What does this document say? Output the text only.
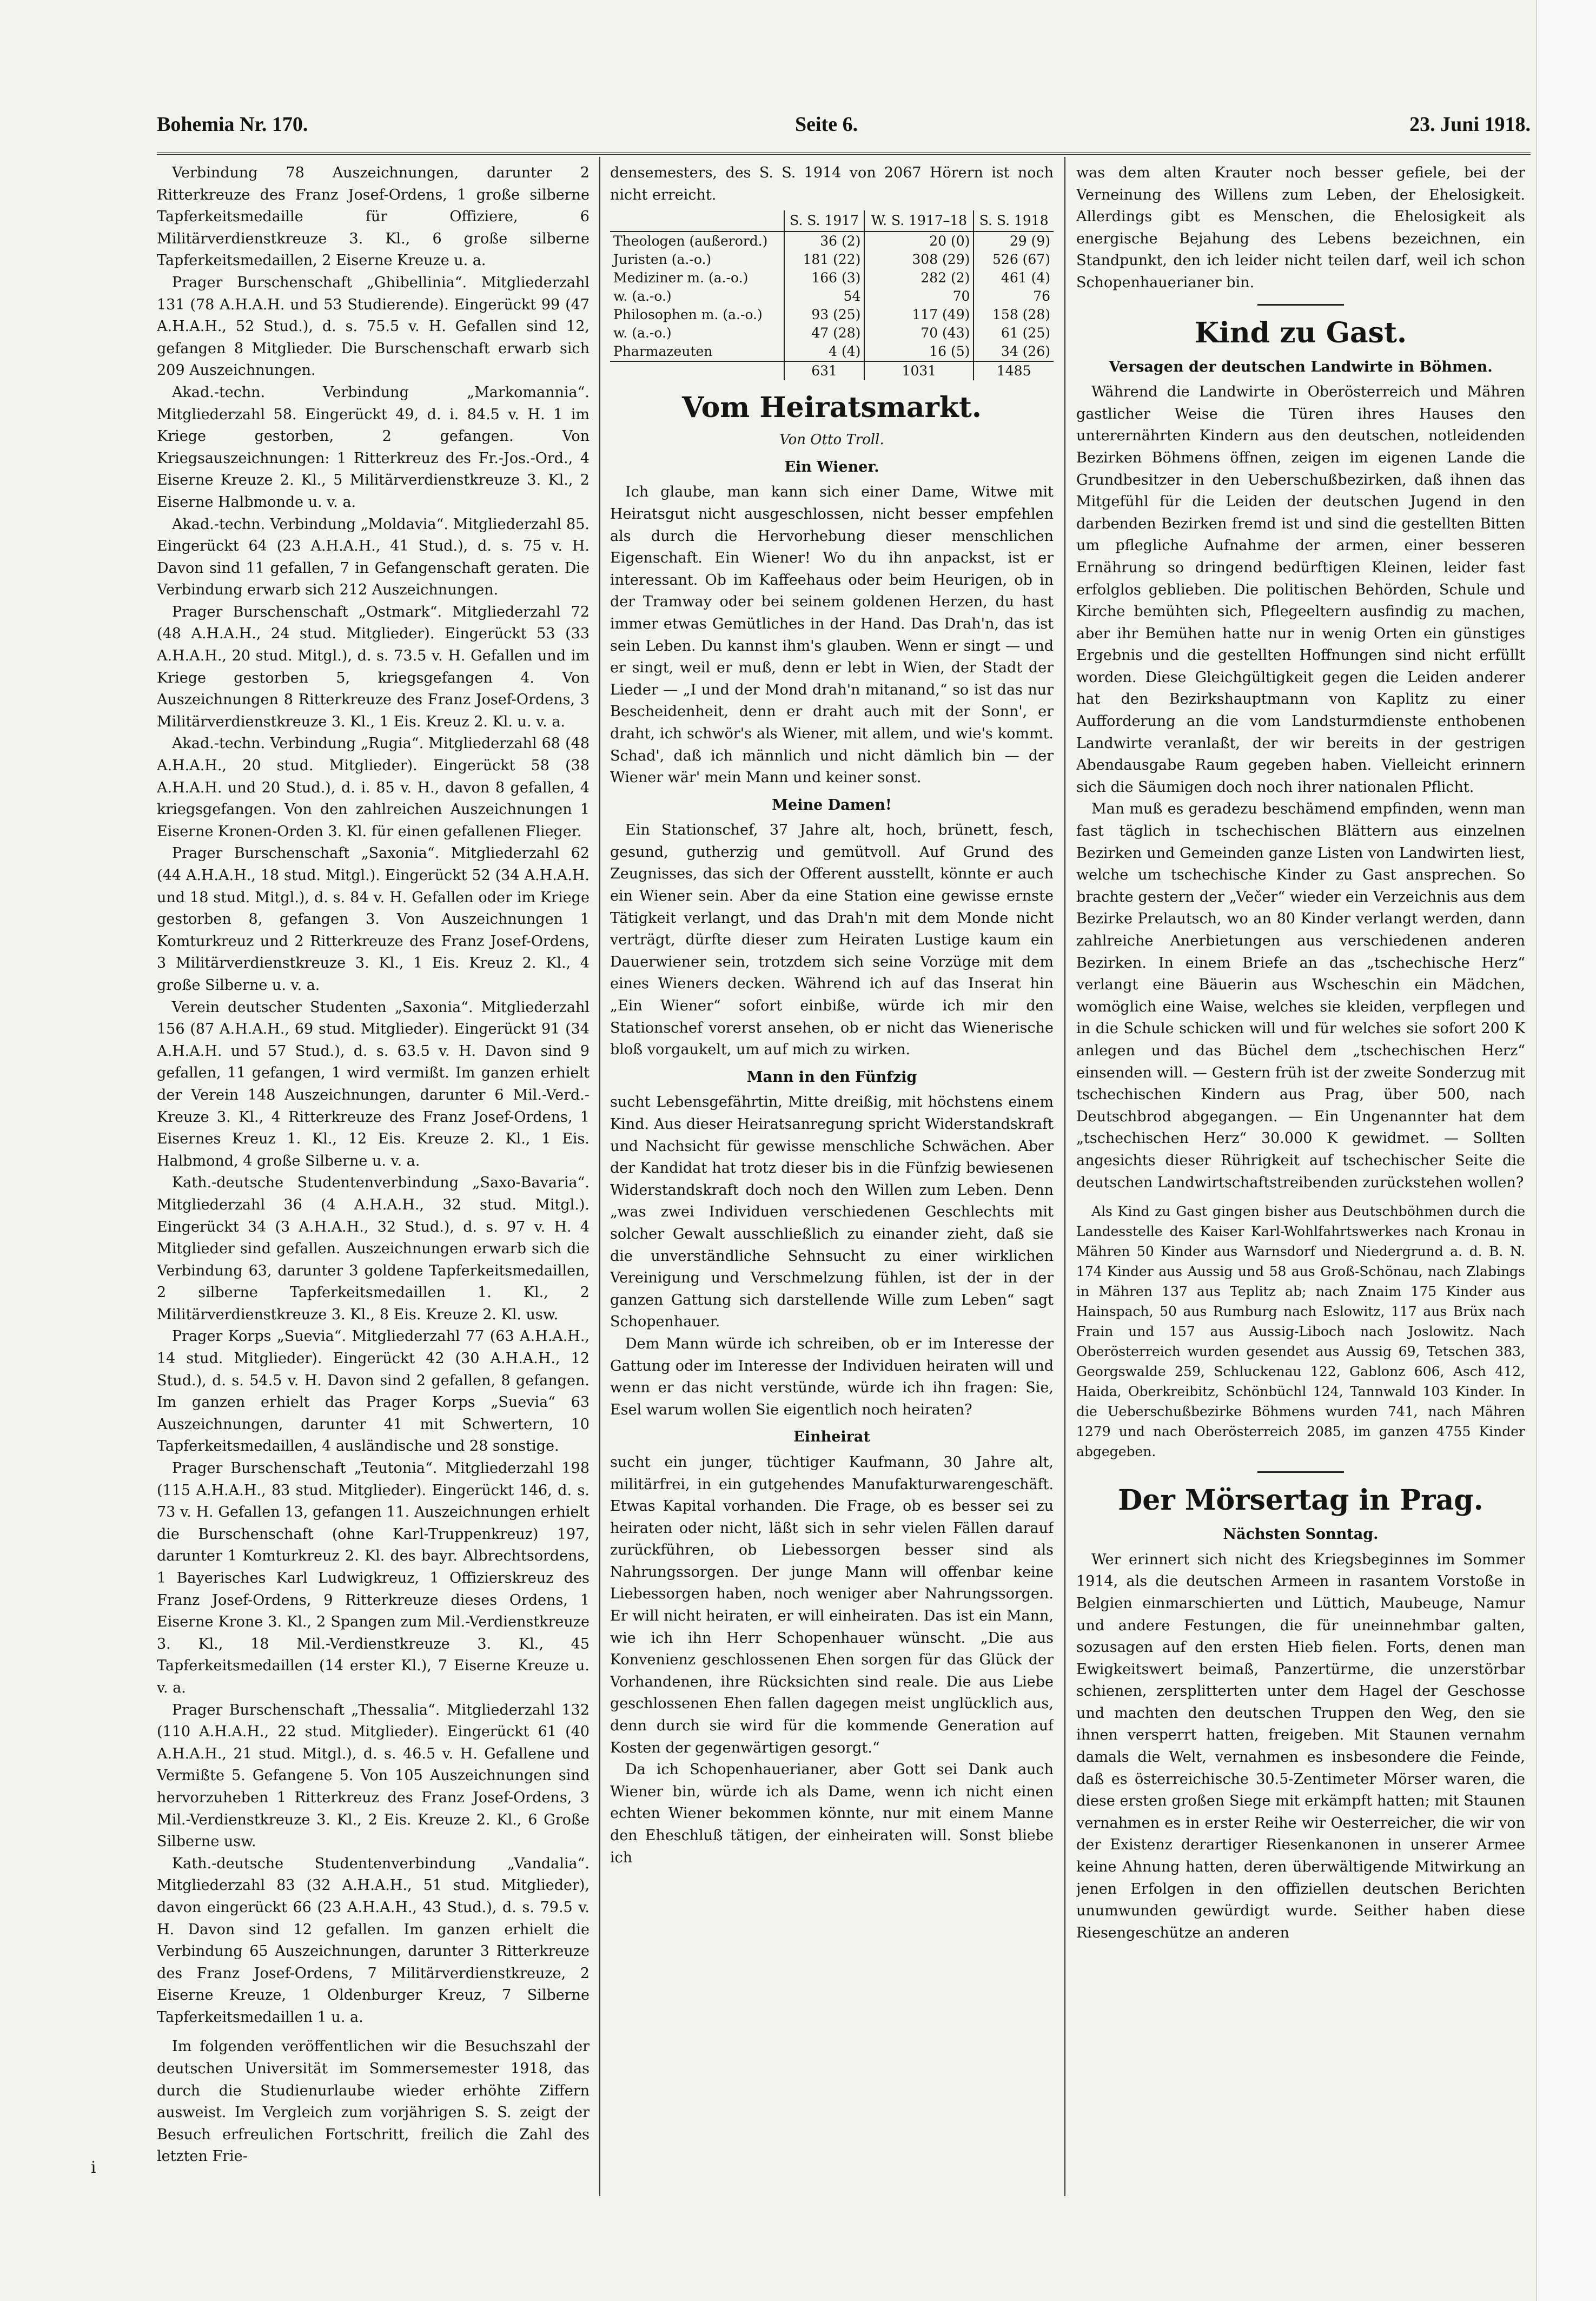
Bohemia Nr. 170.	Seite 6.	23. Juni 1918.

Verbindung 78 Auszeichnungen, darunter 2 Ritterkreuze des Franz Josef-Ordens, 1 große silberne Tapferkeitsmedaille für Offiziere, 6 Militärverdienstkreuze 3. Kl., 6 große silberne Tapferkeitsmedaillen, 2 Eiserne Kreuze u. a.

Prager Burschenschaft „Ghibellinia“. Mitgliederzahl 131 (78 A.H.A.H. und 53 Studierende). Eingerückt 99 (47 A.H.A.H., 52 Stud.), d. s. 75.5 v. H. Gefallen sind 12, gefangen 8 Mitglieder. Die Burschenschaft erwarb sich 209 Auszeichnungen.

Akad.-techn. Verbindung „Markomannia“. Mitgliederzahl 58. Eingerückt 49, d. i. 84.5 v. H. 1 im Kriege gestorben, 2 gefangen. Von Kriegsauszeichnungen: 1 Ritterkreuz des Fr.-Jos.-Ord., 4 Eiserne Kreuze 2. Kl., 5 Militärverdienstkreuze 3. Kl., 2 Eiserne Halbmonde u. v. a.

Akad.-techn. Verbindung „Moldavia“. Mitgliederzahl 85. Eingerückt 64 (23 A.H.A.H., 41 Stud.), d. s. 75 v. H. Davon sind 11 gefallen, 7 in Gefangenschaft geraten. Die Verbindung erwarb sich 212 Auszeichnungen.

Prager Burschenschaft „Ostmark“. Mitgliederzahl 72 (48 A.H.A.H., 24 stud. Mitglieder). Eingerückt 53 (33 A.H.A.H., 20 stud. Mitgl.), d. s. 73.5 v. H. Gefallen und im Kriege gestorben 5, kriegsgefangen 4. Von Auszeichnungen 8 Ritterkreuze des Franz Josef-Ordens, 3 Militärverdienstkreuze 3. Kl., 1 Eis. Kreuz 2. Kl. u. v. a.

Akad.-techn. Verbindung „Rugia“. Mitgliederzahl 68 (48 A.H.A.H., 20 stud. Mitglieder). Eingerückt 58 (38 A.H.A.H. und 20 Stud.), d. i. 85 v. H., davon 8 gefallen, 4 kriegsgefangen. Von den zahlreichen Auszeichnungen 1 Eiserne Kronen-Orden 3. Kl. für einen gefallenen Flieger.

Prager Burschenschaft „Saxonia“. Mitgliederzahl 62 (44 A.H.A.H., 18 stud. Mitgl.). Eingerückt 52 (34 A.H.A.H. und 18 stud. Mitgl.), d. s. 84 v. H. Gefallen oder im Kriege gestorben 8, gefangen 3. Von Auszeichnungen 1 Komturkreuz und 2 Ritterkreuze des Franz Josef-Ordens, 3 Militärverdienstkreuze 3. Kl., 1 Eis. Kreuz 2. Kl., 4 große Silberne u. v. a.

Verein deutscher Studenten „Saxonia“. Mitgliederzahl 156 (87 A.H.A.H., 69 stud. Mitglieder). Eingerückt 91 (34 A.H.A.H. und 57 Stud.), d. s. 63.5 v. H. Davon sind 9 gefallen, 11 gefangen, 1 wird vermißt. Im ganzen erhielt der Verein 148 Auszeichnungen, darunter 6 Mil.-Verd.-Kreuze 3. Kl., 4 Ritterkreuze des Franz Josef-Ordens, 1 Eisernes Kreuz 1. Kl., 12 Eis. Kreuze 2. Kl., 1 Eis. Halbmond, 4 große Silberne u. v. a.

Kath.-deutsche Studentenverbindung „Saxo-Bavaria“. Mitgliederzahl 36 (4 A.H.A.H., 32 stud. Mitgl.). Eingerückt 34 (3 A.H.A.H., 32 Stud.), d. s. 97 v. H. 4 Mitglieder sind gefallen. Auszeichnungen erwarb sich die Verbindung 63, darunter 3 goldene Tapferkeitsmedaillen, 2 silberne Tapferkeitsmedaillen 1. Kl., 2 Militärverdienstkreuze 3. Kl., 8 Eis. Kreuze 2. Kl. usw.

Prager Korps „Suevia“. Mitgliederzahl 77 (63 A.H.A.H., 14 stud. Mitglieder). Eingerückt 42 (30 A.H.A.H., 12 Stud.), d. s. 54.5 v. H. Davon sind 2 gefallen, 8 gefangen. Im ganzen erhielt das Prager Korps „Suevia“ 63 Auszeichnungen, darunter 41 mit Schwertern, 10 Tapferkeitsmedaillen, 4 ausländische und 28 sonstige.

Prager Burschenschaft „Teutonia“. Mitgliederzahl 198 (115 A.H.A.H., 83 stud. Mitglieder). Eingerückt 146, d. s. 73 v. H. Gefallen 13, gefangen 11. Auszeichnungen erhielt die Burschenschaft (ohne Karl-Truppenkreuz) 197, darunter 1 Komturkreuz 2. Kl. des bayr. Albrechtsordens, 1 Bayerisches Karl Ludwigkreuz, 1 Offizierskreuz des Franz Josef-Ordens, 9 Ritterkreuze dieses Ordens, 1 Eiserne Krone 3. Kl., 2 Spangen zum Mil.-Verdienstkreuze 3. Kl., 18 Mil.-Verdienstkreuze 3. Kl., 45 Tapferkeitsmedaillen (14 erster Kl.), 7 Eiserne Kreuze u. v. a.

Prager Burschenschaft „Thessalia“. Mitgliederzahl 132 (110 A.H.A.H., 22 stud. Mitglieder). Eingerückt 61 (40 A.H.A.H., 21 stud. Mitgl.), d. s. 46.5 v. H. Gefallene und Vermißte 5. Gefangene 5. Von 105 Auszeichnungen sind hervorzuheben 1 Ritterkreuz des Franz Josef-Ordens, 3 Mil.-Verdienstkreuze 3. Kl., 2 Eis. Kreuze 2. Kl., 6 Große Silberne usw.

Kath.-deutsche Studentenverbindung „Vandalia“. Mitgliederzahl 83 (32 A.H.A.H., 51 stud. Mitglieder), davon eingerückt 66 (23 A.H.A.H., 43 Stud.), d. s. 79.5 v. H. Davon sind 12 gefallen. Im ganzen erhielt die Verbindung 65 Auszeichnungen, darunter 3 Ritterkreuze des Franz Josef-Ordens, 7 Militärverdienstkreuze, 2 Eiserne Kreuze, 1 Oldenburger Kreuz, 7 Silberne Tapferkeitsmedaillen 1 u. a.

Im folgenden veröffentlichen wir die Besuchszahl der deutschen Universität im Sommersemester 1918, das durch die Studienurlaube wieder erhöhte Ziffern ausweist. Im Vergleich zum vorjährigen S. S. zeigt der Besuch erfreulichen Fortschritt, freilich die Zahl des letzten Frie-

densemesters, des S. S. 1914 von 2067 Hörern ist noch nicht erreicht.

	S. S. 1917	W. S. 1917–18	S. S. 1918
Theologen (außerord.)	36 (2)	20 (0)	29 (9)
Juristen (a.-o.)	181 (22)	308 (29)	526 (67)
Mediziner m. (a.-o.)	166 (3)	282 (2)	461 (4)
w. (a.-o.)	54	70	76
Philosophen m. (a.-o.)	93 (25)	117 (49)	158 (28)
w. (a.-o.)	47 (28)	70 (43)	61 (25)
Pharmazeuten	4 (4)	16 (5)	34 (26)
	631	1031	1485
Vom Heiratsmarkt.
Von Otto Troll.

Ein Wiener.

Ich glaube, man kann sich einer Dame, Witwe mit Heiratsgut nicht ausgeschlossen, nicht besser empfehlen als durch die Hervorhebung dieser menschlichen Eigenschaft. Ein Wiener! Wo du ihn anpackst, ist er interessant. Ob im Kaffeehaus oder beim Heurigen, ob in der Tramway oder bei seinem goldenen Herzen, du hast immer etwas Gemütliches in der Hand. Das Drah'n, das ist sein Leben. Du kannst ihm's glauben. Wenn er singt — und er singt, weil er muß, denn er lebt in Wien, der Stadt der Lieder — „I und der Mond drah'n mitanand,“ so ist das nur Bescheidenheit, denn er draht auch mit der Sonn', er draht, ich schwör's als Wiener, mit allem, und wie's kommt. Schad', daß ich männlich und nicht dämlich bin — der Wiener wär' mein Mann und keiner sonst.

Meine Damen!

Ein Stationschef, 37 Jahre alt, hoch, brünett, fesch, gesund, gutherzig und gemütvoll. Auf Grund des Zeugnisses, das sich der Offerent ausstellt, könnte er auch ein Wiener sein. Aber da eine Station eine gewisse ernste Tätigkeit verlangt, und das Drah'n mit dem Monde nicht verträgt, dürfte dieser zum Heiraten Lustige kaum ein Dauerwiener sein, trotzdem sich seine Vorzüge mit dem eines Wieners decken. Während ich auf das Inserat hin „Ein Wiener“ sofort einbiße, würde ich mir den Stationschef vorerst ansehen, ob er nicht das Wienerische bloß vorgaukelt, um auf mich zu wirken.

Mann in den Fünfzig

sucht Lebensgefährtin, Mitte dreißig, mit höchstens einem Kind. Aus dieser Heiratsanregung spricht Widerstandskraft und Nachsicht für gewisse menschliche Schwächen. Aber der Kandidat hat trotz dieser bis in die Fünfzig bewiesenen Widerstandskraft doch noch den Willen zum Leben. Denn „was zwei Individuen verschiedenen Geschlechts mit solcher Gewalt ausschließlich zu einander zieht, daß sie die unverständliche Sehnsucht zu einer wirklichen Vereinigung und Verschmelzung fühlen, ist der in der ganzen Gattung sich darstellende Wille zum Leben“ sagt Schopenhauer.

Dem Mann würde ich schreiben, ob er im Interesse der Gattung oder im Interesse der Individuen heiraten will und wenn er das nicht verstünde, würde ich ihn fragen: Sie, Esel warum wollen Sie eigentlich noch heiraten?

Einheirat

sucht ein junger, tüchtiger Kaufmann, 30 Jahre alt, militärfrei, in ein gutgehendes Manufakturwarengeschäft. Etwas Kapital vorhanden. Die Frage, ob es besser sei zu heiraten oder nicht, läßt sich in sehr vielen Fällen darauf zurückführen, ob Liebessorgen besser sind als Nahrungssorgen. Der junge Mann will offenbar keine Liebessorgen haben, noch weniger aber Nahrungssorgen. Er will nicht heiraten, er will einheiraten. Das ist ein Mann, wie ich ihn Herr Schopenhauer wünscht. „Die aus Konvenienz geschlossenen Ehen sorgen für das Glück der Vorhandenen, ihre Rücksichten sind reale. Die aus Liebe geschlossenen Ehen fallen dagegen meist unglücklich aus, denn durch sie wird für die kommende Generation auf Kosten der gegenwärtigen gesorgt.“

Da ich Schopenhauerianer, aber Gott sei Dank auch Wiener bin, würde ich als Dame, wenn ich nicht einen echten Wiener bekommen könnte, nur mit einem Manne den Eheschluß tätigen, der einheiraten will. Sonst bliebe ich

was dem alten Krauter noch besser gefiele, bei der Verneinung des Willens zum Leben, der Ehelosigkeit. Allerdings gibt es Menschen, die Ehelosigkeit als energische Bejahung des Lebens bezeichnen, ein Standpunkt, den ich leider nicht teilen darf, weil ich schon Schopenhauerianer bin.

Kind zu Gast.

Versagen der deutschen Landwirte in Böhmen.

Während die Landwirte in Oberösterreich und Mähren gastlicher Weise die Türen ihres Hauses den unterernährten Kindern aus den deutschen, notleidenden Bezirken Böhmens öffnen, zeigen im eigenen Lande die Grundbesitzer in den Ueberschußbezirken, daß ihnen das Mitgefühl für die Leiden der deutschen Jugend in den darbenden Bezirken fremd ist und sind die gestellten Bitten um pflegliche Aufnahme der armen, einer besseren Ernährung so dringend bedürftigen Kleinen, leider fast erfolglos geblieben. Die politischen Behörden, Schule und Kirche bemühten sich, Pflegeeltern ausfindig zu machen, aber ihr Bemühen hatte nur in wenig Orten ein günstiges Ergebnis und die gestellten Hoffnungen sind nicht erfüllt worden. Diese Gleichgültigkeit gegen die Leiden anderer hat den Bezirkshauptmann von Kaplitz zu einer Aufforderung an die vom Landsturmdienste enthobenen Landwirte veranlaßt, der wir bereits in der gestrigen Abendausgabe Raum gegeben haben. Vielleicht erinnern sich die Säumigen doch noch ihrer nationalen Pflicht.

Man muß es geradezu beschämend empfinden, wenn man fast täglich in tschechischen Blättern aus einzelnen Bezirken und Gemeinden ganze Listen von Landwirten liest, welche um tschechische Kinder zu Gast ansprechen. So brachte gestern der „Večer“ wieder ein Verzeichnis aus dem Bezirke Prelautsch, wo an 80 Kinder verlangt werden, dann zahlreiche Anerbietungen aus verschiedenen anderen Bezirken. In einem Briefe an das „tschechische Herz“ verlangt eine Bäuerin aus Wscheschin ein Mädchen, womöglich eine Waise, welches sie kleiden, verpflegen und in die Schule schicken will und für welches sie sofort 200 K anlegen und das Büchel dem „tschechischen Herz“ einsenden will. — Gestern früh ist der zweite Sonderzug mit tschechischen Kindern aus Prag, über 500, nach Deutschbrod abgegangen. — Ein Ungenannter hat dem „tschechischen Herz“ 30.000 K gewidmet. — Sollten angesichts dieser Rührigkeit auf tschechischer Seite die deutschen Landwirtschaftstreibenden zurückstehen wollen?

Als Kind zu Gast gingen bisher aus Deutschböhmen durch die Landesstelle des Kaiser Karl-Wohlfahrtswerkes nach Kronau in Mähren 50 Kinder aus Warnsdorf und Niedergrund a. d. B. N. 174 Kinder aus Aussig und 58 aus Groß-Schönau, nach Zlabings in Mähren 137 aus Teplitz ab; nach Znaim 175 Kinder aus Hainspach, 50 aus Rumburg nach Eslowitz, 117 aus Brüx nach Frain und 157 aus Aussig-Liboch nach Joslowitz. Nach Oberösterreich wurden gesendet aus Aussig 69, Tetschen 383, Georgswalde 259, Schluckenau 122, Gablonz 606, Asch 412, Haida, Oberkreibitz, Schönbüchl 124, Tannwald 103 Kinder. In die Ueberschußbezirke Böhmens wurden 741, nach Mähren 1279 und nach Oberösterreich 2085, im ganzen 4755 Kinder abgegeben.

Der Mörsertag in Prag.

Nächsten Sonntag.

Wer erinnert sich nicht des Kriegsbeginnes im Sommer 1914, als die deutschen Armeen in rasantem Vorstoße in Belgien einmarschierten und Lüttich, Maubeuge, Namur und andere Festungen, die für uneinnehmbar galten, sozusagen auf den ersten Hieb fielen. Forts, denen man Ewigkeitswert beimaß, Panzertürme, die unzerstörbar schienen, zersplitterten unter dem Hagel der Geschosse und machten den deutschen Truppen den Weg, den sie ihnen versperrt hatten, freigeben. Mit Staunen vernahm damals die Welt, vernahmen es insbesondere die Feinde, daß es österreichische 30.5-Zentimeter Mörser waren, die diese ersten großen Siege mit erkämpft hatten; mit Staunen vernahmen es in erster Reihe wir Oesterreicher, die wir von der Existenz derartiger Riesenkanonen in unserer Armee keine Ahnung hatten, deren überwältigende Mitwirkung an jenen Erfolgen in den offiziellen deutschen Berichten unumwunden gewürdigt wurde. Seither haben diese Riesengeschütze an anderen

i
